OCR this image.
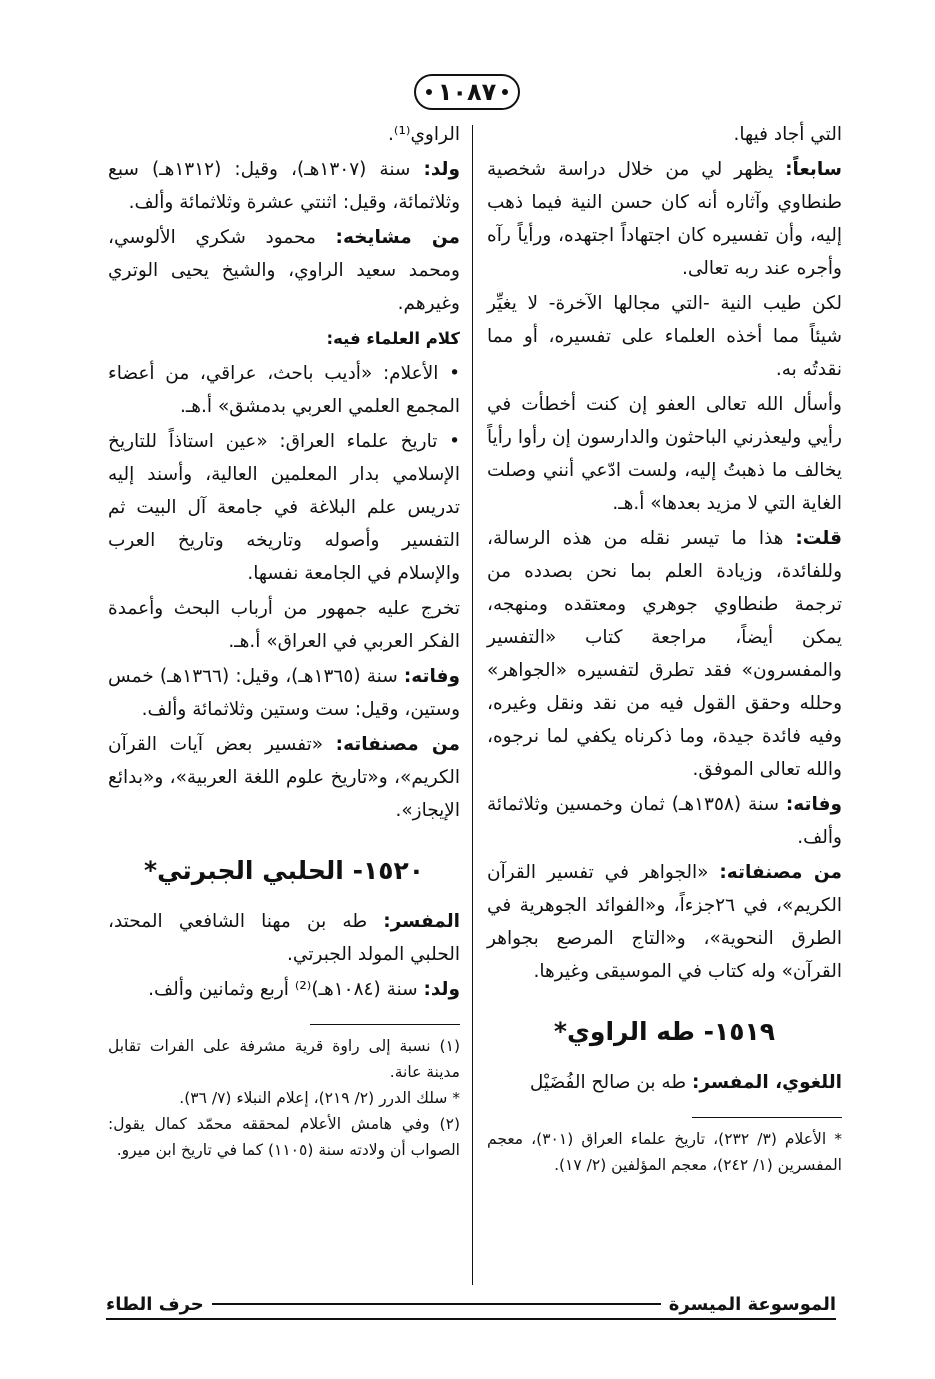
١٠٨٧

التي أجاد فيها.

سابعاً: يظهر لي من خلال دراسة شخصية طنطاوي وآثاره أنه كان حسن النية فيما ذهب إليه، وأن تفسيره كان اجتهاداً اجتهده، ورأياً رآه وأجره عند ربه تعالى.

لكن طيب النية -التي مجالها الآخرة- لا يغيِّر شيئاً مما أخذه العلماء على تفسيره، أو مما نقدتُه به.

وأسأل الله تعالى العفو إن كنت أخطأت في رأيي وليعذرني الباحثون والدارسون إن رأوا رأياً يخالف ما ذهبتُ إليه، ولست ادّعي أنني وصلت الغاية التي لا مزيد بعدها» أ.هـ.

قلت: هذا ما تيسر نقله من هذه الرسالة، وللفائدة، وزيادة العلم بما نحن بصدده من ترجمة طنطاوي جوهري ومعتقده ومنهجه، يمكن أيضاً، مراجعة كتاب «التفسير والمفسرون» فقد تطرق لتفسيره «الجواهر» وحلله وحقق القول فيه من نقد ونقل وغيره، وفيه فائدة جيدة، وما ذكرناه يكفي لما نرجوه، والله تعالى الموفق.

وفاته: سنة (١٣٥٨هـ) ثمان وخمسين وثلاثمائة وألف.

من مصنفاته: «الجواهر في تفسير القرآن الكريم»، في ٢٦جزءاً، و«الفوائد الجوهرية في الطرق النحوية»، و«التاج المرصع بجواهر القرآن» وله كتاب في الموسيقى وغيرها.

١٥١٩- طه الراوي*

اللغوي، المفسر: طه بن صالح الفُضَيْل

* الأعلام (٣/ ٢٣٢)، تاريخ علماء العراق (٣٠١)، معجم المفسرين (١/ ٢٤٢)، معجم المؤلفين (٢/ ١٧).

الراوي⁽¹⁾.

ولد: سنة (١٣٠٧هـ)، وقيل: (١٣١٢هـ) سبع وثلاثمائة، وقيل: اثنتي عشرة وثلاثمائة وألف.

من مشايخه: محمود شكري الألوسي، ومحمد سعيد الراوي، والشيخ يحيى الوتري وغيرهم.

كلام العلماء فيه:

• الأعلام: «أديب باحث، عراقي، من أعضاء المجمع العلمي العربي بدمشق» أ.هـ.

• تاريخ علماء العراق: «عين استاذاً للتاريخ الإسلامي بدار المعلمين العالية، وأسند إليه تدريس علم البلاغة في جامعة آل البيت ثم التفسير وأصوله وتاريخه وتاريخ العرب والإسلام في الجامعة نفسها.

تخرج عليه جمهور من أرباب البحث وأعمدة الفكر العربي في العراق» أ.هـ.

وفاته: سنة (١٣٦٥هـ)، وقيل: (١٣٦٦هـ) خمس وستين، وقيل: ست وستين وثلاثمائة وألف.

من مصنفاته: «تفسير بعض آيات القرآن الكريم»، و«تاريخ علوم اللغة العربية»، و«بدائع الإيجاز».

١٥٢٠- الحلبي الجبرتي*

المفسر: طه بن مهنا الشافعي المحتد، الحلبي المولد الجبرتي.

ولد: سنة (١٠٨٤هـ)⁽²⁾ أربع وثمانين وألف.

(١) نسبة إلى راوة قرية مشرفة على الفرات تقابل مدينة عانة.
* سلك الدرر (٢/ ٢١٩)، إعلام النبلاء (٧/ ٣٦).
(٢) وفي هامش الأعلام لمحققه محمّد كمال يقول: الصواب أن ولادته سنة (١١٠٥) كما في تاريخ ابن ميرو.
الموسوعة الميسرة
حرف الطاء
